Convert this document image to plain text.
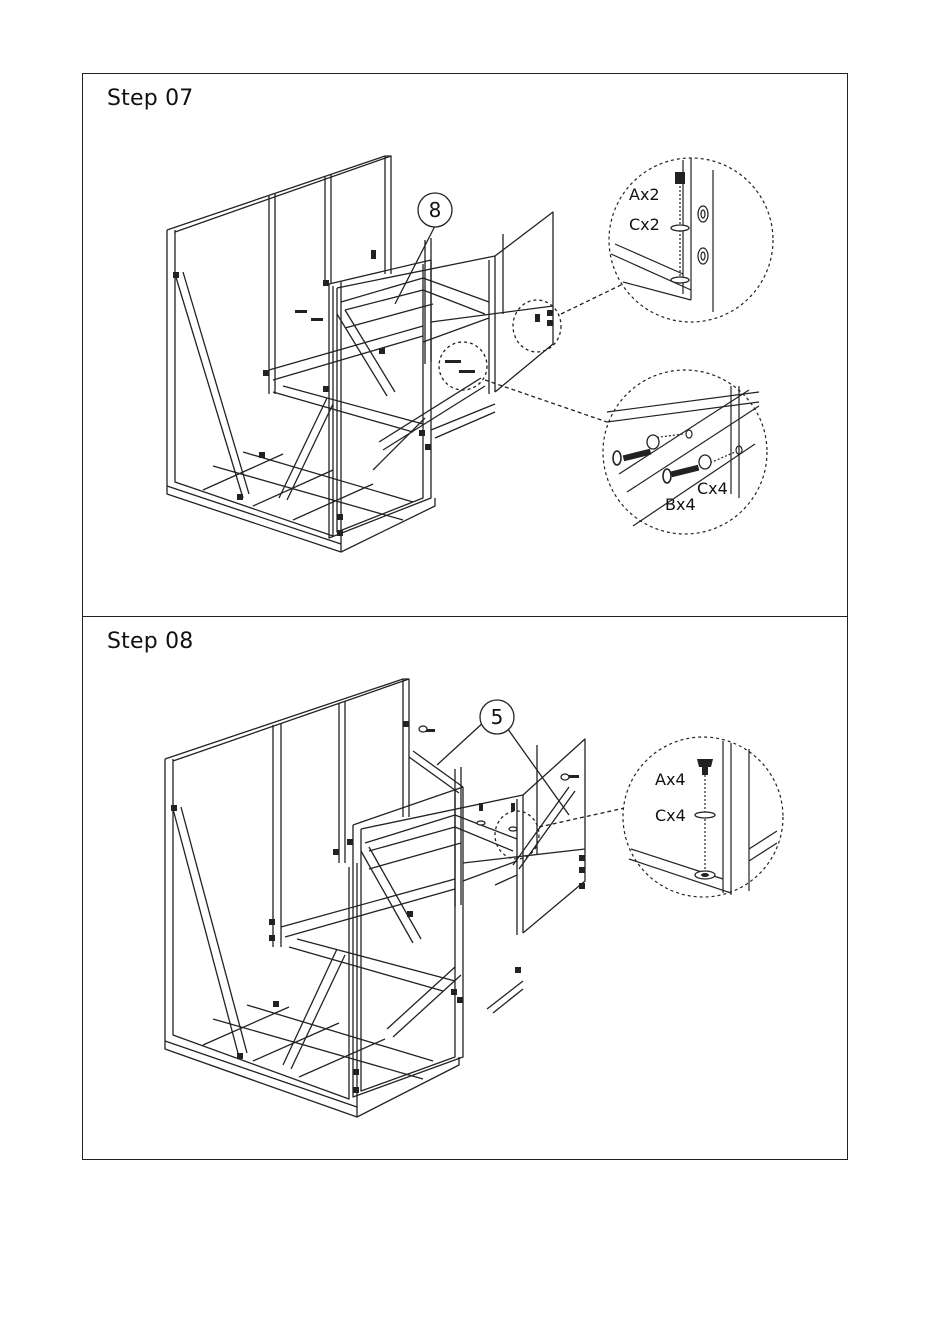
Step 07
8
Ax2
Cx2
Cx4
Bx4
Step 08
5
Ax4
Cx4
